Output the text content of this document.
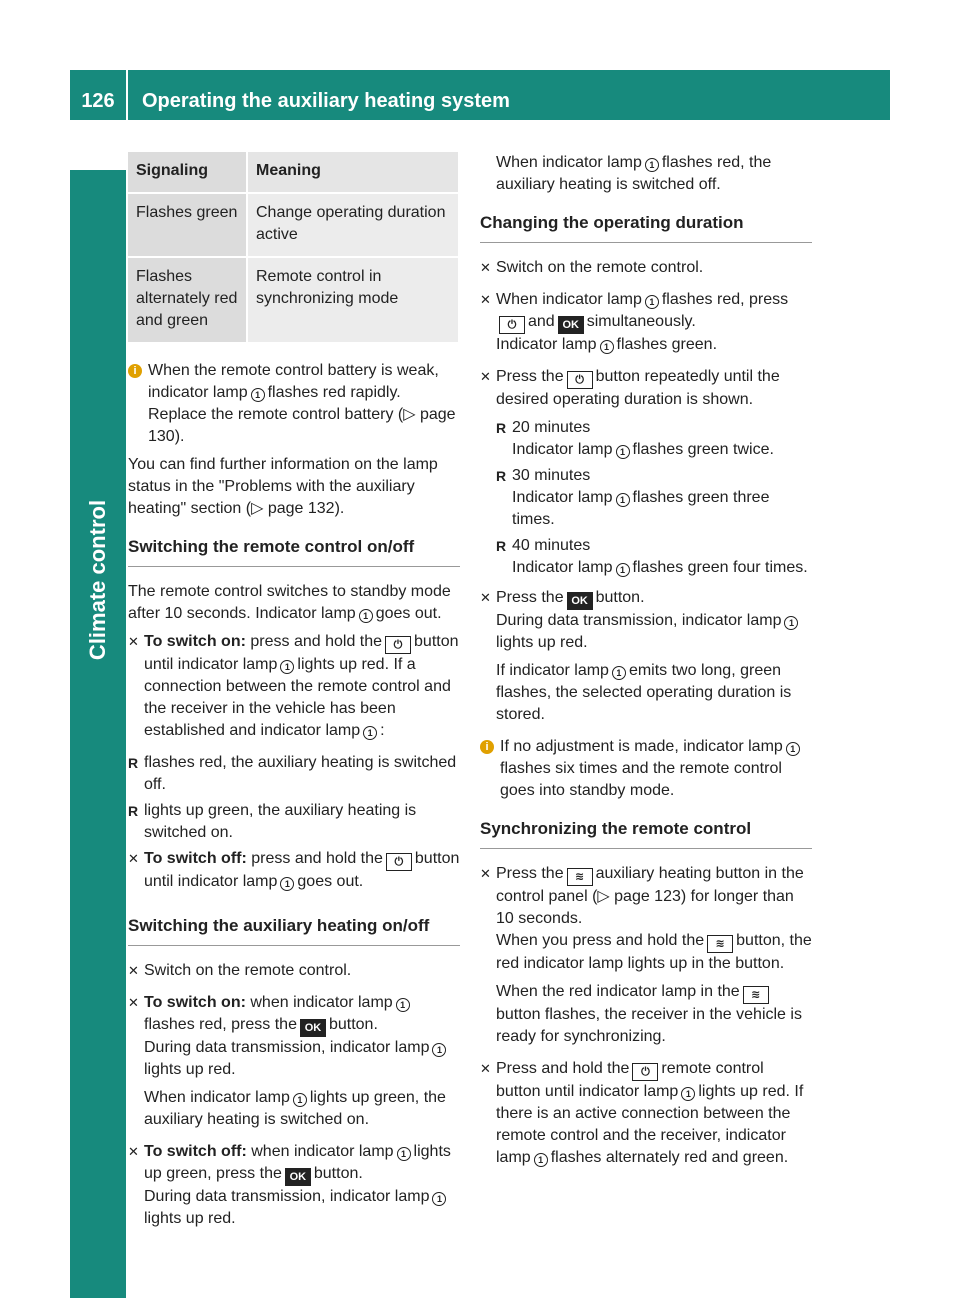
126	Operating the auxiliary heating system
Climate control
Signaling	Meaning
Flashes green	Change operating duration active
Flashes alternately red and green	Remote control in synchronizing mode
i When the remote control battery is weak, indicator lamp 1 flashes red rapidly. Replace the remote control battery (▷ page 130).

You can find further information on the lamp status in the "Problems with the auxiliary heating" section (▷ page 132).

Switching the remote control on/off

The remote control switches to standby mode after 10 seconds. Indicator lamp 1 goes out.

✕ To switch on: press and hold the ⏻ button until indicator lamp 1 lights up red. If a connection between the remote control and the receiver in the vehicle has been established and indicator lamp 1 :

R flashes red, the auxiliary heating is switched off.
R lights up green, the auxiliary heating is switched on.
✕ To switch off: press and hold the ⏻ button until indicator lamp 1 goes out.

Switching the auxiliary heating on/off
✕ Switch on the remote control.

✕ To switch on: when indicator lamp 1flashes red, press the OK button.
During data transmission, indicator lamp 1lights up red.

When indicator lamp 1 lights up green, the auxiliary heating is switched on.

✕ To switch off: when indicator lamp 1 lights up green, press the OK button.
During data transmission, indicator lamp 1lights up red.

When indicator lamp 1 flashes red, the auxiliary heating is switched off.

Changing the operating duration
✕ Switch on the remote control.

✕ When indicator lamp 1 flashes red, press ⏻ and OK simultaneously.
Indicator lamp 1 flashes green.

✕ Press the ⏻ button repeatedly until the desired operating duration is shown.

R 20 minutes
Indicator lamp 1 flashes green twice.
R 30 minutes
Indicator lamp 1 flashes green three times.
R 40 minutes
Indicator lamp 1 flashes green four times.
✕ Press the OK button.
During data transmission, indicator lamp 1lights up red.

If indicator lamp 1 emits two long, green flashes, the selected operating duration is stored.

i If no adjustment is made, indicator lamp 1flashes six times and the remote control goes into standby mode.
Synchronizing the remote control
✕ Press the ≋ auxiliary heating button in the control panel (▷ page 123) for longer than 10 seconds.
When you press and hold the ≋ button, the red indicator lamp lights up in the button.

When the red indicator lamp in the ≋button flashes, the receiver in the vehicle is ready for synchronizing.

✕ Press and hold the ⏻ remote control button until indicator lamp 1 lights up red. If there is an active connection between the remote control and the receiver, indicator lamp 1 flashes alternately red and green.
